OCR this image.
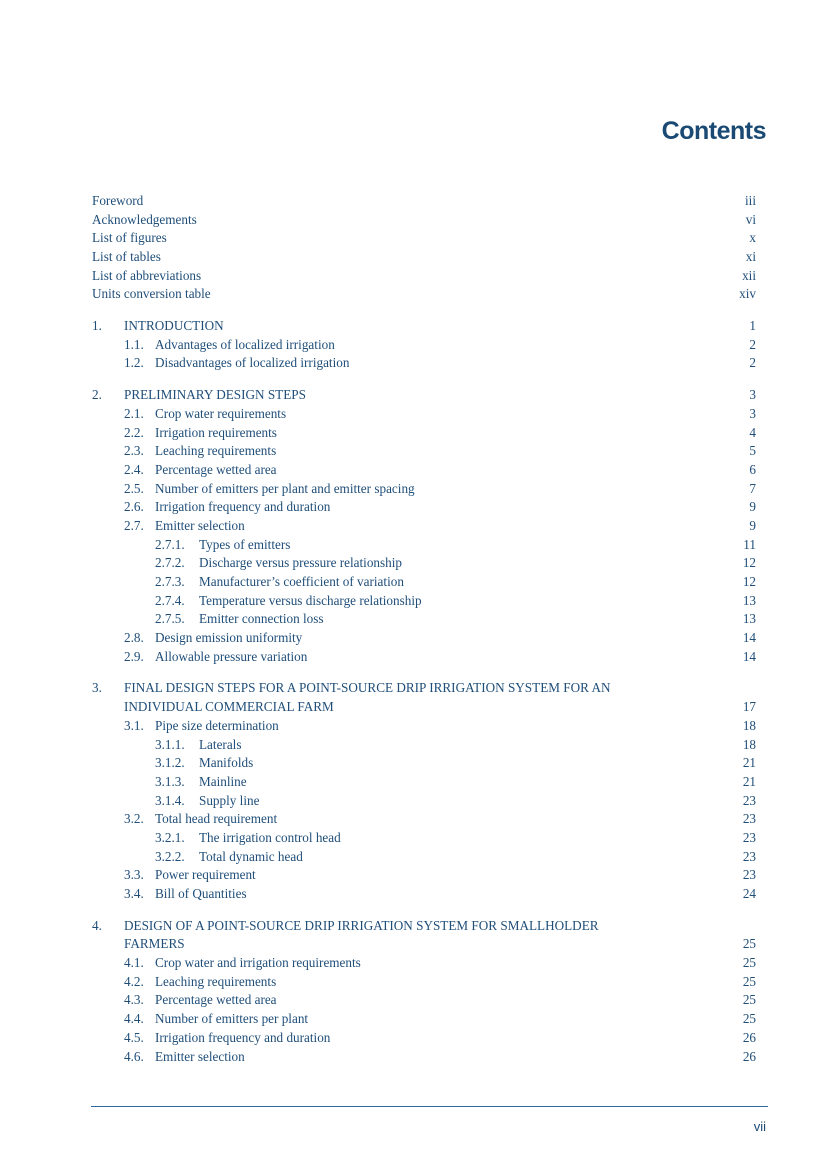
Contents
Foreword	iii
Acknowledgements	vi
List of figures	x
List of tables	xi
List of abbreviations	xii
Units conversion table	xiv
1.	INTRODUCTION	1
1.1. Advantages of localized irrigation	2
1.2. Disadvantages of localized irrigation	2
2.	PRELIMINARY DESIGN STEPS	3
2.1. Crop water requirements	3
2.2. Irrigation requirements	4
2.3. Leaching requirements	5
2.4. Percentage wetted area	6
2.5. Number of emitters per plant and emitter spacing	7
2.6. Irrigation frequency and duration	9
2.7. Emitter selection	9
2.7.1.	Types of emitters	11
2.7.2.	Discharge versus pressure relationship	12
2.7.3.	Manufacturer’s coefficient of variation	12
2.7.4.	Temperature versus discharge relationship	13
2.7.5.	Emitter connection loss	13
2.8. Design emission uniformity	14
2.9. Allowable pressure variation	14
3.	FINAL DESIGN STEPS FOR A POINT-SOURCE DRIP IRRIGATION SYSTEM FOR AN
INDIVIDUAL COMMERCIAL FARM	17
3.1. Pipe size determination	18
3.1.1.	Laterals	18
3.1.2.	Manifolds	21
3.1.3.	Mainline	21
3.1.4.	Supply line	23
3.2. Total head requirement	23
3.2.1.	The irrigation control head	23
3.2.2.	Total dynamic head	23
3.3. Power requirement	23
3.4. Bill of Quantities	24
4.	DESIGN OF A POINT-SOURCE DRIP IRRIGATION SYSTEM FOR SMALLHOLDER
FARMERS	25
4.1. Crop water and irrigation requirements	25
4.2. Leaching requirements	25
4.3. Percentage wetted area	25
4.4. Number of emitters per plant	25
4.5. Irrigation frequency and duration	26
4.6. Emitter selection	26
vii
